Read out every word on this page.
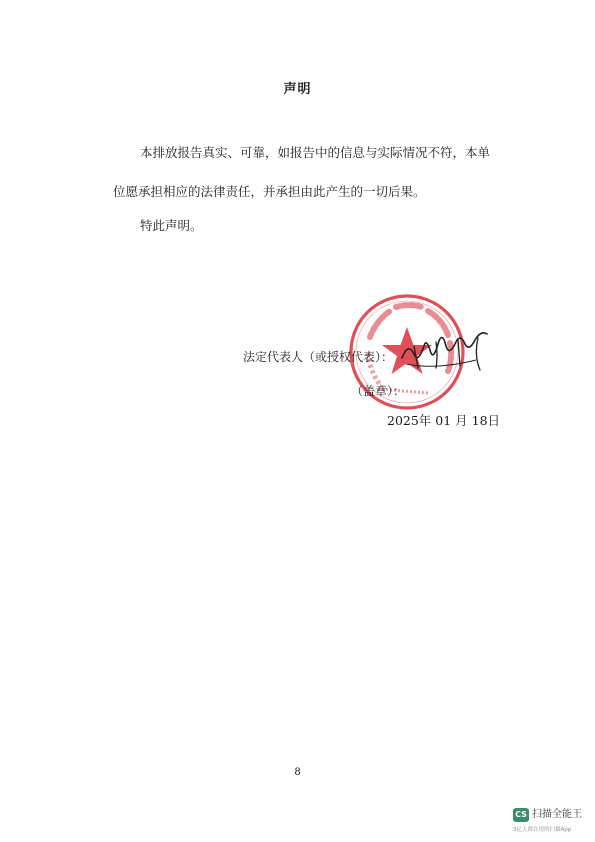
声明
本排放报告真实、可靠，如报告中的信息与实际情况不符，本单
位愿承担相应的法律责任，并承担由此产生的一切后果。
特此声明。
法定代表人（或授权代表）：
（盖章）：
2025年 01 月 18日
8
CS 扫描全能王
3亿人都在用的扫描App
